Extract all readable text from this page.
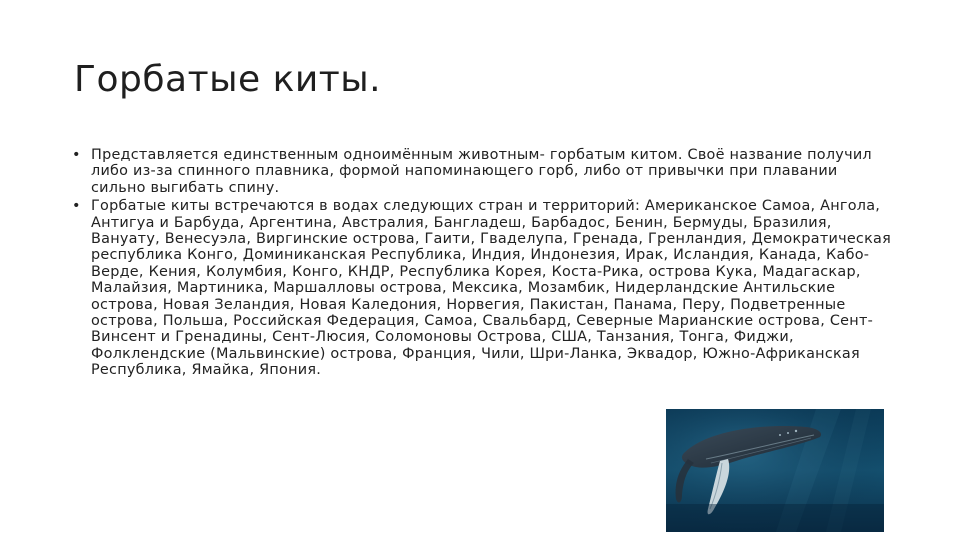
Горбатые киты.
• Представляется единственным одноимённым животным- горбатым китом. Своё название получил либо из-за спинного плавника, формой напоминающего горб, либо от привычки при плавании сильно выгибать спину.
• Горбатые киты встречаются в водах следующих стран и территорий: Американское Самоа, Ангола, Антигуа и Барбуда, Аргентина, Австралия, Бангладеш, Барбадос, Бенин, Бермуды, Бразилия, Вануату, Венесуэла, Виргинские острова, Гаити, Гваделупа, Гренада, Гренландия, Демократическая республика Конго, Доминиканская Республика, Индия, Индонезия, Ирак, Исландия, Канада, Кабо-Верде, Кения, Колумбия, Конго, КНДР, Республика Корея, Коста-Рика, острова Кука, Мадагаскар, Малайзия, Мартиника, Маршалловы острова, Мексика, Мозамбик, Нидерландские Антильские острова, Новая Зеландия, Новая Каледония, Норвегия, Пакистан, Панама, Перу, Подветренные острова, Польша, Российская Федерация, Самоа, Свальбард, Северные Марианские острова, Сент-Винсент и Гренадины, Сент-Люсия, Соломоновы Острова, США, Танзания, Тонга, Фиджи, Фолклендские (Мальвинские) острова, Франция, Чили, Шри-Ланка, Эквадор, Южно-Африканская Республика, Ямайка, Япония.
